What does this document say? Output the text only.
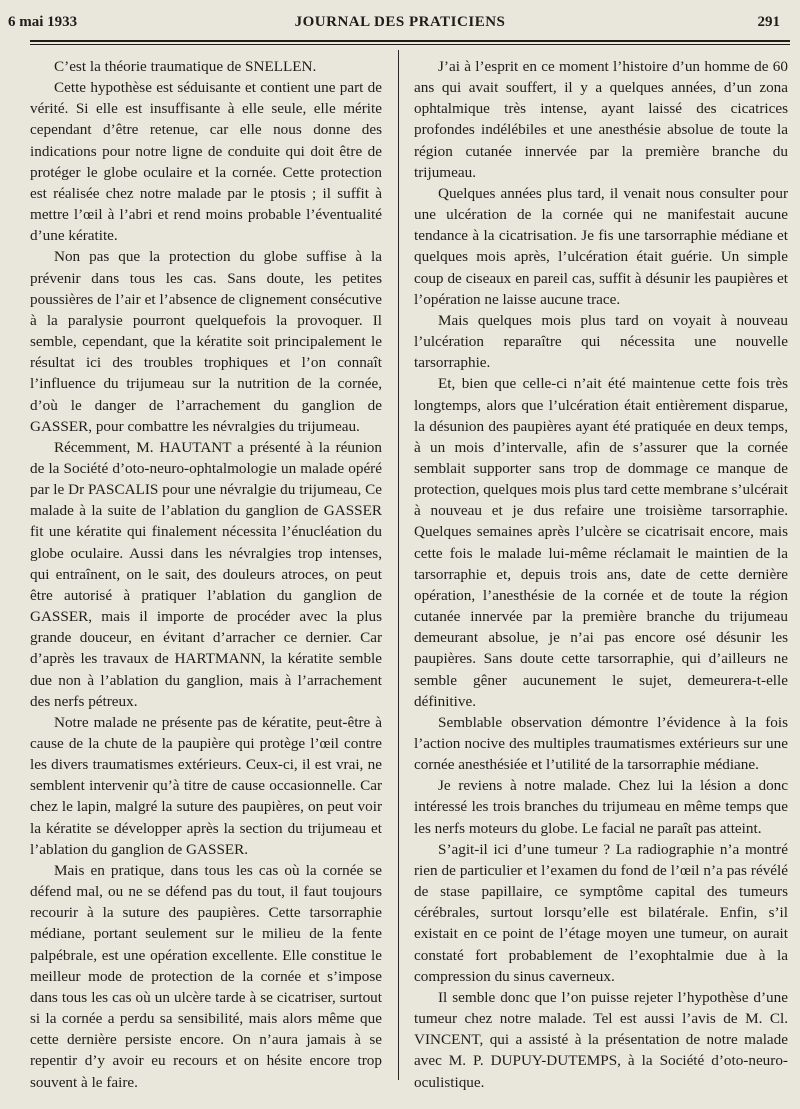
6 mai 1933	JOURNAL DES PRATICIENS	291

C’est la théorie traumatique de SNELLEN.

Cette hypothèse est séduisante et contient une part de vérité. Si elle est insuffisante à elle seule, elle mérite cependant d’être retenue, car elle nous donne des indications pour notre ligne de conduite qui doit être de protéger le globe oculaire et la cornée. Cette protection est réalisée chez notre malade par le ptosis ; il suffit à mettre l’œil à l’abri et rend moins probable l’éventualité d’une kératite.

Non pas que la protection du globe suffise à la prévenir dans tous les cas. Sans doute, les petites poussières de l’air et l’absence de clignement consécutive à la paralysie pourront quelquefois la provoquer. Il semble, cependant, que la kératite soit principalement le résultat ici des troubles trophiques et l’on connaît l’influence du trijumeau sur la nutrition de la cornée, d’où le danger de l’arrachement du ganglion de GASSER, pour combattre les névralgies du trijumeau.

Récemment, M. HAUTANT a présenté à la réunion de la Société d’oto-neuro-ophtalmologie un malade opéré par le Dr PASCALIS pour une névralgie du trijumeau, Ce malade à la suite de l’ablation du ganglion de GASSER fit une kératite qui finalement nécessita l’énucléation du globe oculaire. Aussi dans les névralgies trop intenses, qui entraînent, on le sait, des douleurs atroces, on peut être autorisé à pratiquer l’ablation du ganglion de GASSER, mais il importe de procéder avec la plus grande douceur, en évitant d’arracher ce dernier. Car d’après les travaux de HARTMANN, la kératite semble due non à l’ablation du ganglion, mais à l’arrachement des nerfs pétreux.

Notre malade ne présente pas de kératite, peut-être à cause de la chute de la paupière qui protège l’œil contre les divers traumatismes extérieurs. Ceux-ci, il est vrai, ne semblent intervenir qu’à titre de cause occasionnelle. Car chez le lapin, malgré la suture des paupières, on peut voir la kératite se développer après la section du trijumeau et l’ablation du ganglion de GASSER.

Mais en pratique, dans tous les cas où la cornée se défend mal, ou ne se défend pas du tout, il faut toujours recourir à la suture des paupières. Cette tarsorraphie médiane, portant seulement sur le milieu de la fente palpébrale, est une opération excellente. Elle constitue le meilleur mode de protection de la cornée et s’impose dans tous les cas où un ulcère tarde à se cicatriser, surtout si la cornée a perdu sa sensibilité, mais alors même que cette dernière persiste encore. On n’aura jamais à se repentir d’y avoir eu recours et on hésite encore trop souvent à le faire.

J’ai à l’esprit en ce moment l’histoire d’un homme de 60 ans qui avait souffert, il y a quelques années, d’un zona ophtalmique très intense, ayant laissé des cicatrices profondes indélébiles et une anesthésie absolue de toute la région cutanée innervée par la première branche du trijumeau.

Quelques années plus tard, il venait nous consulter pour une ulcération de la cornée qui ne manifestait aucune tendance à la cicatrisation. Je fis une tarsorraphie médiane et quelques mois après, l’ulcération était guérie. Un simple coup de ciseaux en pareil cas, suffit à désunir les paupières et l’opération ne laisse aucune trace.

Mais quelques mois plus tard on voyait à nouveau l’ulcération reparaître qui nécessita une nouvelle tarsorraphie.

Et, bien que celle-ci n’ait été maintenue cette fois très longtemps, alors que l’ulcération était entièrement disparue, la désunion des paupières ayant été pratiquée en deux temps, à un mois d’intervalle, afin de s’assurer que la cornée semblait supporter sans trop de dommage ce manque de protection, quelques mois plus tard cette membrane s’ulcérait à nouveau et je dus refaire une troisième tarsorraphie. Quelques semaines après l’ulcère se cicatrisait encore, mais cette fois le malade lui-même réclamait le maintien de la tarsorraphie et, depuis trois ans, date de cette dernière opération, l’anesthésie de la cornée et de toute la région cutanée innervée par la première branche du trijumeau demeurant absolue, je n’ai pas encore osé désunir les paupières. Sans doute cette tarsorraphie, qui d’ailleurs ne semble gêner aucunement le sujet, demeurera-t-elle définitive.

Semblable observation démontre l’évidence à la fois l’action nocive des multiples traumatismes extérieurs sur une cornée anesthésiée et l’utilité de la tarsorraphie médiane.

Je reviens à notre malade. Chez lui la lésion a donc intéressé les trois branches du trijumeau en même temps que les nerfs moteurs du globe. Le facial ne paraît pas atteint.

S’agit-il ici d’une tumeur ? La radiographie n’a montré rien de particulier et l’examen du fond de l’œil n’a pas révélé de stase papillaire, ce symptôme capital des tumeurs cérébrales, surtout lorsqu’elle est bilatérale. Enfin, s’il existait en ce point de l’étage moyen une tumeur, on aurait constaté fort probablement de l’exophtalmie due à la compression du sinus caverneux.

Il semble donc que l’on puisse rejeter l’hypothèse d’une tumeur chez notre malade. Tel est aussi l’avis de M. Cl. VINCENT, qui a assisté à la présentation de notre malade avec M. P. DUPUY-DUTEMPS, à la Société d’oto-neuro-oculistique.
